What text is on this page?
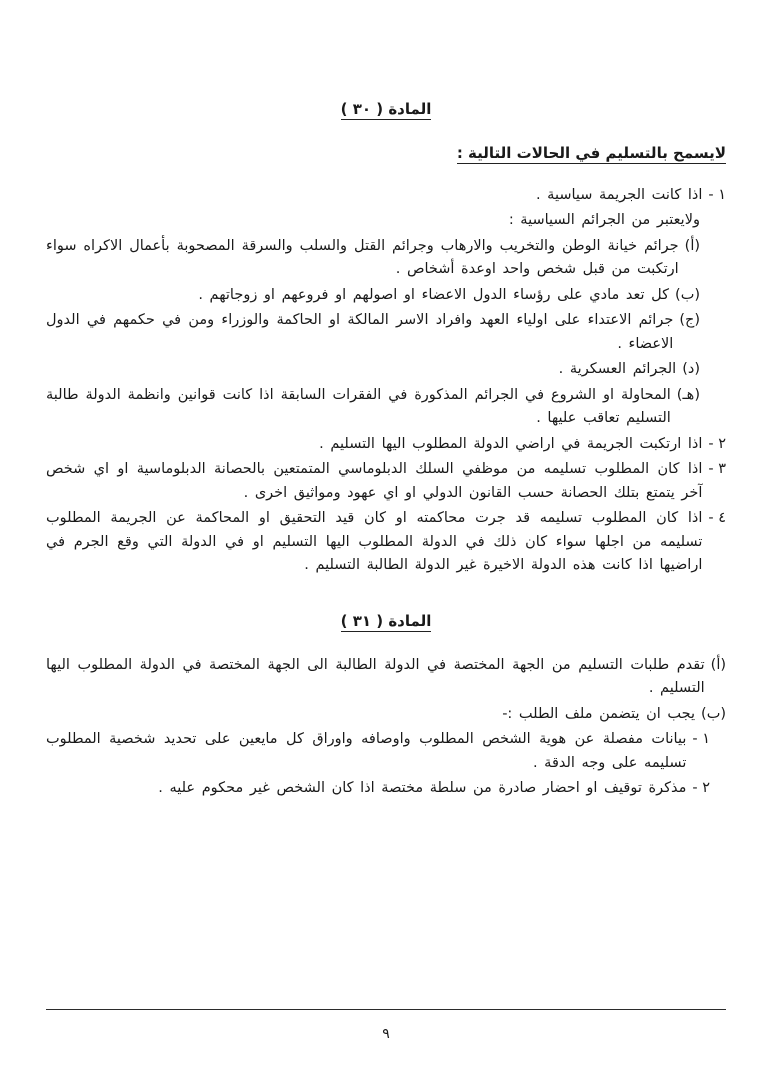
المادة ( ٣٠ )
لايسمح بالتسليم في الحالات التالية :
١ -
اذا كانت الجريمة سياسية .
ولايعتبر من الجرائم السياسية :
(أ)
جرائم خيانة الوطن والتخريب والارهاب وجرائم القتل والسلب والسرقة المصحوبة بأعمال الاكراه سواء ارتكبت من قبل شخص واحد اوعدة أشخاص .
(ب)
كل تعد مادي على رؤساء الدول الاعضاء او اصولهم او فروعهم او زوجاتهم .
(ج)
جرائم الاعتداء على اولياء العهد وافراد الاسر المالكة او الحاكمة والوزراء ومن في حكمهم في الدول الاعضاء .
(د)
الجرائم العسكرية .
(هـ)
المحاولة او الشروع في الجرائم المذكورة في الفقرات السابقة اذا كانت قوانين وانظمة الدولة طالبة التسليم تعاقب عليها .
٢ -
اذا ارتكبت الجريمة في اراضي الدولة المطلوب اليها التسليم .
٣ -
اذا كان المطلوب تسليمه من موظفي السلك الدبلوماسي المتمتعين بالحصانة الدبلوماسية او اي شخص آخر يتمتع بتلك الحصانة حسب القانون الدولي او اي عهود ومواثيق اخرى .
٤ -
اذا كان المطلوب تسليمه قد جرت محاكمته او كان قيد التحقيق او المحاكمة عن الجريمة المطلوب تسليمه من اجلها سواء كان ذلك في الدولة المطلوب اليها التسليم او في الدولة التي وقع الجرم في اراضيها اذا كانت هذه الدولة الاخيرة غير الدولة الطالبة التسليم .
المادة ( ٣١ )
(أ)
تقدم طلبات التسليم من الجهة المختصة في الدولة الطالبة الى الجهة المختصة في الدولة المطلوب اليها التسليم .
(ب)
يجب ان يتضمن ملف الطلب :-
١ -
بيانات مفصلة عن هوية الشخص المطلوب واوصافه واوراق كل مايعين على تحديد شخصية المطلوب تسليمه على وجه الدقة .
٢ -
مذكرة توقيف او احضار صادرة من سلطة مختصة اذا كان الشخص غير محكوم عليه .
٩
